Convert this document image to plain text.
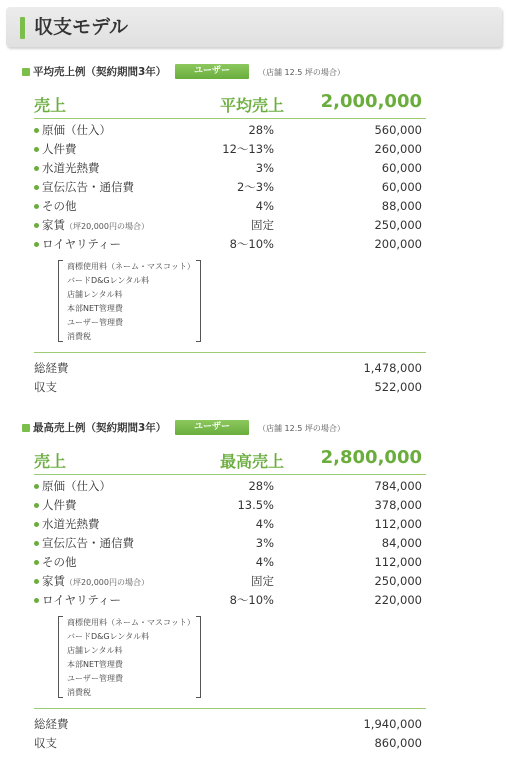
収支モデル
平均売上例（契約期間3年）	ユーザー	（店舗 12.5 坪の場合）
売上	平均売上 2,000,000
原価（仕入）	28%	560,000
人件費	12～13%	260,000
水道光熱費	3%	60,000
宣伝広告・通信費	2～3%	60,000
その他	4%	88,000
家賃（坪20,000円の場合）	固定	250,000
ロイヤリティー	8～10%	200,000
商標使用料（ネーム・マスコット）
バードD&Gレンタル料
店舗レンタル料
本部NET管理費
ユーザー管理費
消費税
総経費	1,478,000
収支	522,000
最高売上例（契約期間3年）	ユーザー	（店舗 12.5 坪の場合）
売上	最高売上 2,800,000
原価（仕入）	28%	784,000
人件費	13.5%	378,000
水道光熱費	4%	112,000
宣伝広告・通信費	3%	84,000
その他	4%	112,000
家賃（坪20,000円の場合）	固定	250,000
ロイヤリティー	8～10%	220,000
商標使用料（ネーム・マスコット）
バードD&Gレンタル料
店舗レンタル料
本部NET管理費
ユーザー管理費
消費税
総経費	1,940,000
収支	860,000
